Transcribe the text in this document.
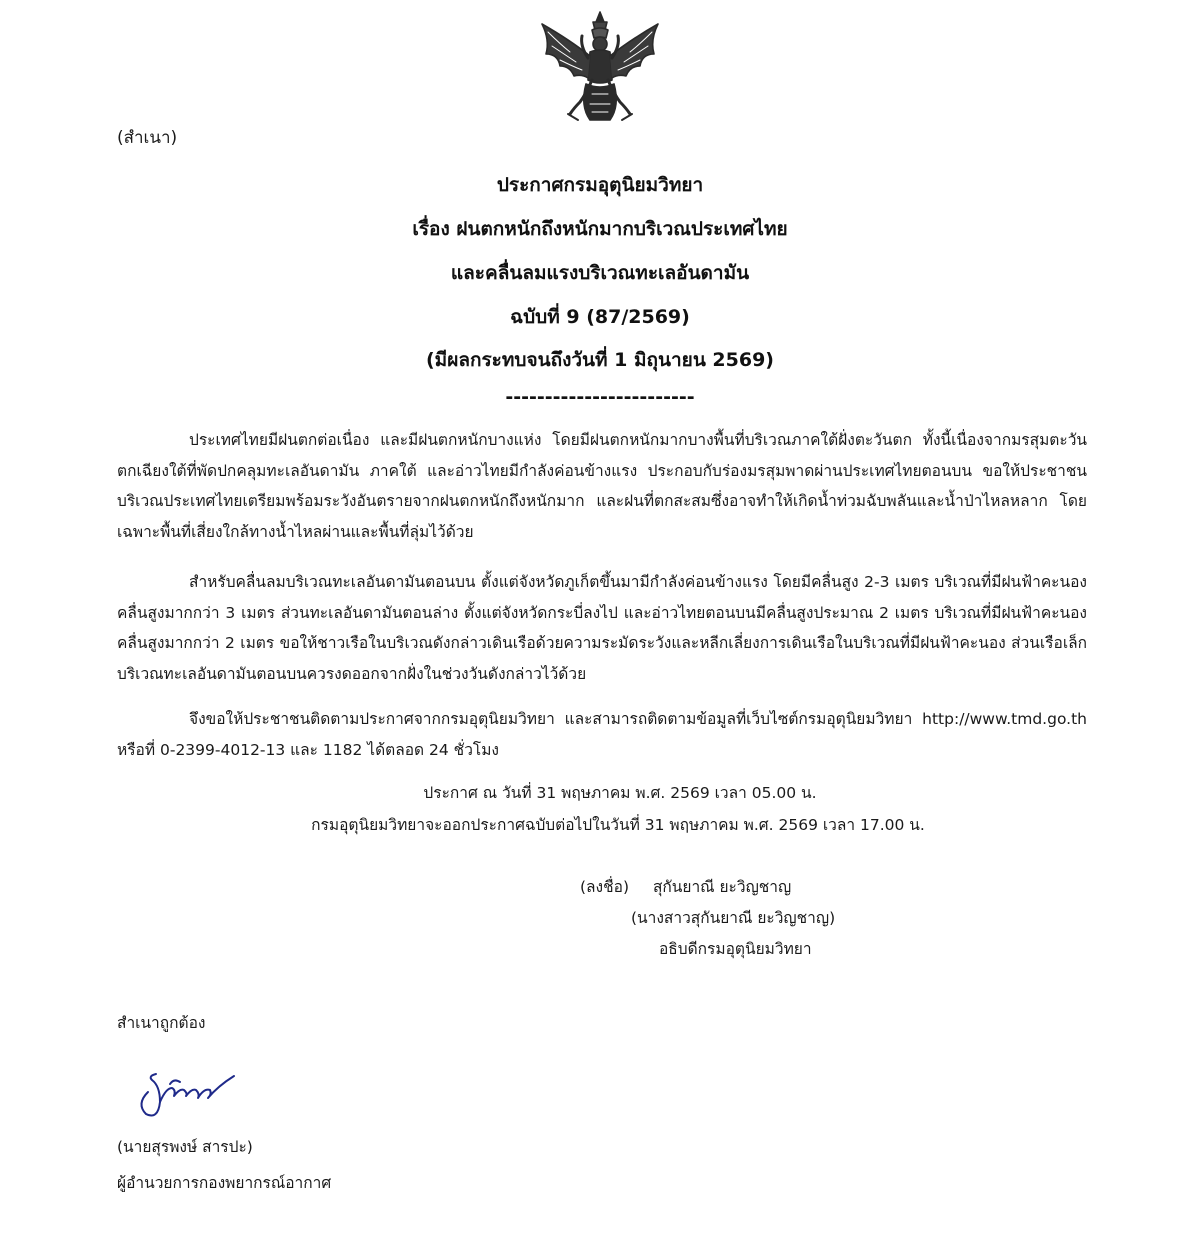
(สำเนา)
ประกาศกรมอุตุนิยมวิทยา
เรื่อง ฝนตกหนักถึงหนักมากบริเวณประเทศไทย
และคลื่นลมแรงบริเวณทะเลอันดามัน
ฉบับที่ 9 (87/2569)
(มีผลกระทบจนถึงวันที่ 1 มิถุนายน 2569)
------------------------
ประเทศไทยมีฝนตกต่อเนื่อง และมีฝนตกหนักบางแห่ง โดยมีฝนตกหนักมากบางพื้นที่บริเวณภาคใต้ฝั่งตะวันตก ทั้งนี้เนื่องจากมรสุมตะวันตกเฉียงใต้ที่พัดปกคลุมทะเลอันดามัน ภาคใต้ และอ่าวไทยมีกำลังค่อนข้างแรง ประกอบกับร่องมรสุมพาดผ่านประเทศไทยตอนบน ขอให้ประชาชนบริเวณประเทศไทยเตรียมพร้อมระวังอันตรายจากฝนตกหนักถึงหนักมาก และฝนที่ตกสะสมซึ่งอาจทำให้เกิดน้ำท่วมฉับพลันและน้ำป่าไหลหลาก โดยเฉพาะพื้นที่เสี่ยงใกล้ทางน้ำไหลผ่านและพื้นที่ลุ่มไว้ด้วย
สำหรับคลื่นลมบริเวณทะเลอันดามันตอนบน ตั้งแต่จังหวัดภูเก็ตขึ้นมามีกำลังค่อนข้างแรง โดยมีคลื่นสูง 2-3 เมตร บริเวณที่มีฝนฟ้าคะนองคลื่นสูงมากกว่า 3 เมตร ส่วนทะเลอันดามันตอนล่าง ตั้งแต่จังหวัดกระบี่ลงไป และอ่าวไทยตอนบนมีคลื่นสูงประมาณ 2 เมตร บริเวณที่มีฝนฟ้าคะนองคลื่นสูงมากกว่า 2 เมตร ขอให้ชาวเรือในบริเวณดังกล่าวเดินเรือด้วยความระมัดระวังและหลีกเลี่ยงการเดินเรือในบริเวณที่มีฝนฟ้าคะนอง ส่วนเรือเล็กบริเวณทะเลอันดามันตอนบนควรงดออกจากฝั่งในช่วงวันดังกล่าวไว้ด้วย
จึงขอให้ประชาชนติดตามประกาศจากกรมอุตุนิยมวิทยา และสามารถติดตามข้อมูลที่เว็บไซต์กรมอุตุนิยมวิทยา http://www.tmd.go.th หรือที่ 0-2399-4012-13 และ 1182 ได้ตลอด 24 ชั่วโมง
ประกาศ ณ วันที่ 31 พฤษภาคม พ.ศ. 2569 เวลา 05.00 น.
กรมอุตุนิยมวิทยาจะออกประกาศฉบับต่อไปในวันที่ 31 พฤษภาคม พ.ศ. 2569 เวลา 17.00 น.
(ลงชื่อ) สุกันยาณี ยะวิญชาญ
(นางสาวสุกันยาณี ยะวิญชาญ)
อธิบดีกรมอุตุนิยมวิทยา
สำเนาถูกต้อง
(นายสุรพงษ์ สารปะ)
ผู้อำนวยการกองพยากรณ์อากาศ
